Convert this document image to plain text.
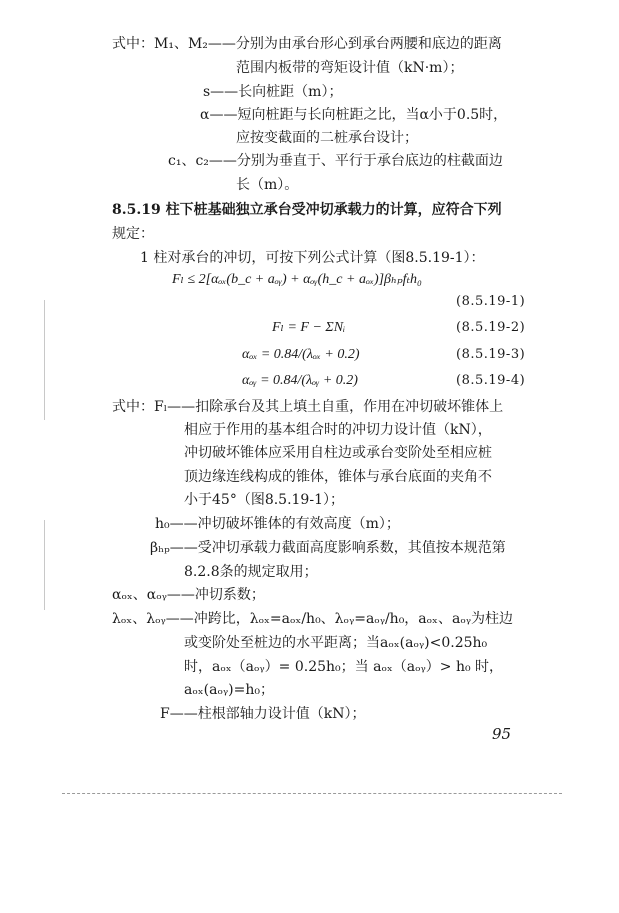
式中：M₁、M₂——分别为由承台形心到承台两腰和底边的距离
范围内板带的弯矩设计值（kN·m）；
s——长向桩距（m）；
α——短向桩距与长向桩距之比，当α小于0.5时，
应按变截面的二桩承台设计；
c₁、c₂——分别为垂直于、平行于承台底边的柱截面边
长（m）。
8.5.19 柱下桩基础独立承台受冲切承载力的计算，应符合下列
规定：
1 柱对承台的冲切，可按下列公式计算（图8.5.19-1）：
Fₗ ≤ 2[αₒₓ(b_c + aₒᵧ) + αₒᵧ(h_c + aₒₓ)]βₕₚfₜh₀
(8.5.19-1)
Fₗ = F − ΣNᵢ	(8.5.19-2)
αₒₓ = 0.84/(λₒₓ + 0.2)	(8.5.19-3)
αₒᵧ = 0.84/(λₒᵧ + 0.2)	(8.5.19-4)
式中：Fₗ——扣除承台及其上填土自重，作用在冲切破坏锥体上
相应于作用的基本组合时的冲切力设计值（kN），
冲切破坏锥体应采用自柱边或承台变阶处至相应桩
顶边缘连线构成的锥体，锥体与承台底面的夹角不
小于45°（图8.5.19-1）；
h₀——冲切破坏锥体的有效高度（m）；
βₕₚ——受冲切承载力截面高度影响系数，其值按本规范第
8.2.8条的规定取用；
αₒₓ、αₒᵧ——冲切系数；
λₒₓ、λₒᵧ——冲跨比，λₒₓ=aₒₓ/h₀、λₒᵧ=aₒᵧ/h₀，aₒₓ、aₒᵧ为柱边
或变阶处至桩边的水平距离；当aₒₓ(aₒᵧ)<0.25h₀
时，aₒₓ（aₒᵧ）= 0.25h₀；当 aₒₓ（aₒᵧ）> h₀ 时，
aₒₓ(aₒᵧ)=h₀；
F——柱根部轴力设计值（kN）；
95
